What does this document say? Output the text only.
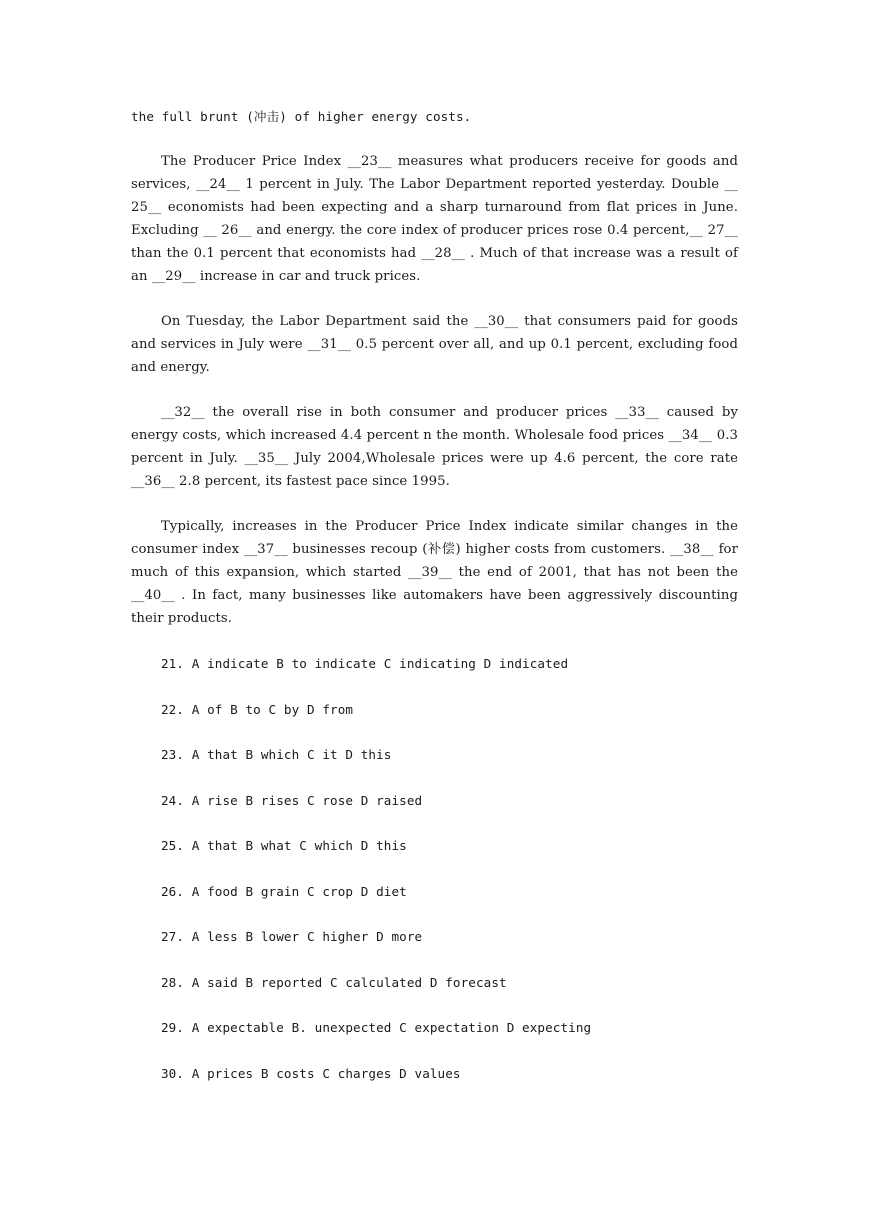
the full brunt (冲击) of higher energy costs.

The Producer Price Index __23__ measures what producers receive for goods and services, __24__ 1 percent in July. The Labor Department reported yesterday. Double __ 25__ economists had been expecting and a sharp turnaround from flat prices in June. Excluding __ 26__ and energy. the core index of producer prices rose 0.4 percent,__ 27__ than the 0.1 percent that economists had __28__ . Much of that increase was a result of an __29__ increase in car and truck prices.

On Tuesday, the Labor Department said the __30__ that consumers paid for goods and services in July were __31__ 0.5 percent over all, and up 0.1 percent, excluding food and energy.

__32__ the overall rise in both consumer and producer prices __33__ caused by energy costs, which increased 4.4 percent n the month. Wholesale food prices __34__ 0.3 percent in July. __35__ July 2004,Wholesale prices were up 4.6 percent, the core rate __36__ 2.8 percent, its fastest pace since 1995.

Typically, increases in the Producer Price Index indicate similar changes in the consumer index __37__ businesses recoup (补偿) higher costs from customers. __38__ for much of this expansion, which started __39__ the end of 2001, that has not been the __40__ . In fact, many businesses like automakers have been aggressively discounting their products.

21. A indicate B to indicate C indicating D indicated
22. A of B to C by D from
23. A that B which C it D this
24. A rise B rises C rose D raised
25. A that B what C which D this
26. A food B grain C crop D diet
27. A less B lower C higher D more
28. A said B reported C calculated D forecast
29. A expectable B. unexpected C expectation D expecting
30. A prices B costs C charges D values
